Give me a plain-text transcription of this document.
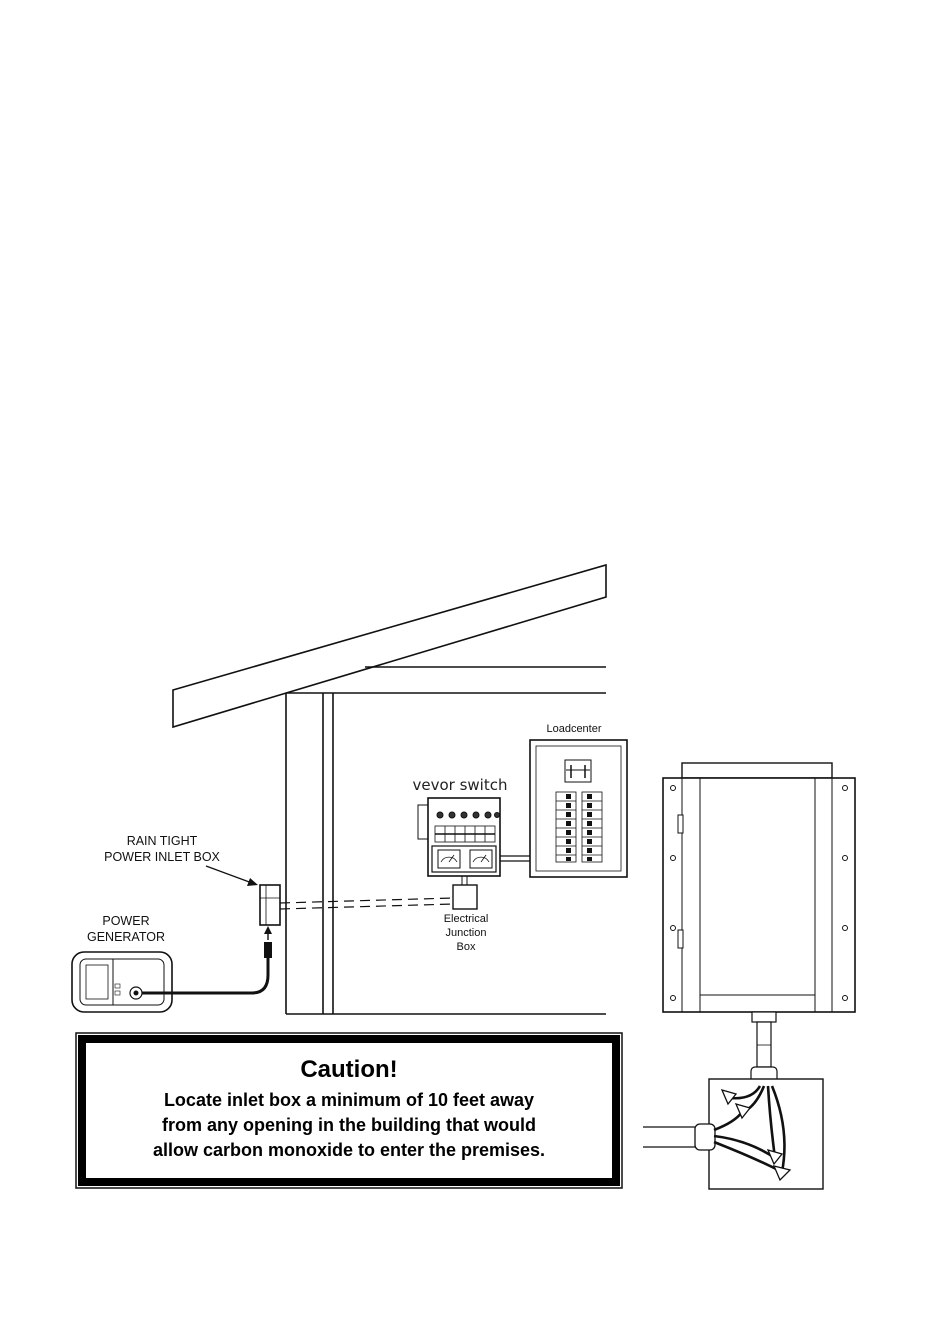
Loadcenter
vevor switch
Electrical
Junction
Box
RAIN TIGHT
POWER INLET BOX
POWER
GENERATOR
Caution!
Locate inlet box a minimum of 10 feet away
from any opening in the building that would
allow carbon monoxide to enter the premises.
